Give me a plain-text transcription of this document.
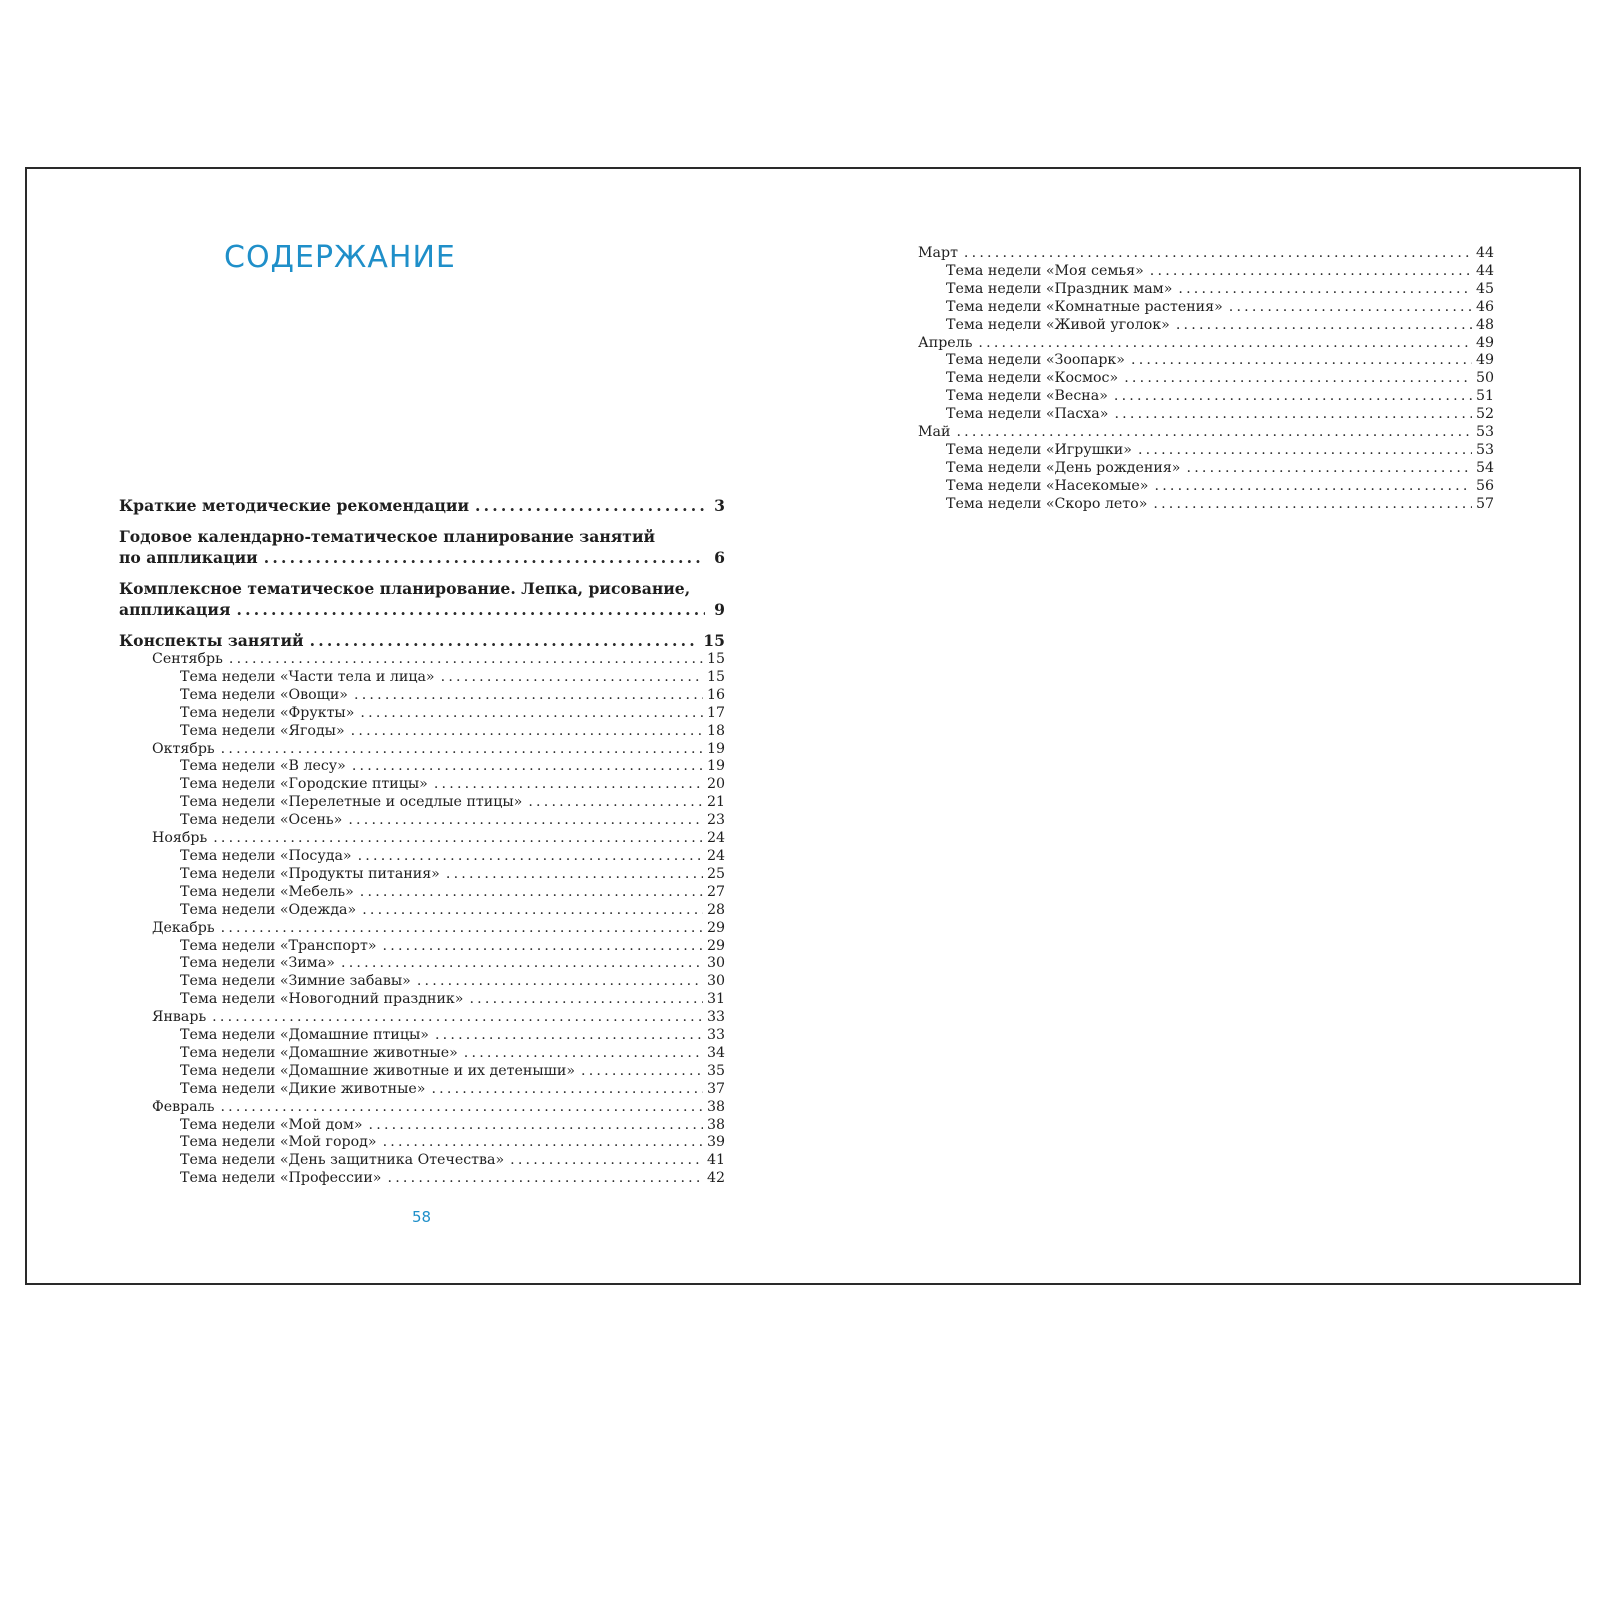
СОДЕРЖАНИЕ
Краткие методические рекомендации .....	3
Годовое календарно-тематическое планирование занятий
по аппликации .....	6
Комплексное тематическое планирование. Лепка, рисование,
аппликация .....	9
Конспекты занятий .....	15
Сентябрь .....	15
Тема недели «Части тела и лица» .....	15
Тема недели «Овощи» .....	16
Тема недели «Фрукты» .....	17
Тема недели «Ягоды» .....	18
Октябрь .....	19
Тема недели «В лесу» .....	19
Тема недели «Городские птицы» .....	20
Тема недели «Перелетные и оседлые птицы» .....	21
Тема недели «Осень» .....	23
Ноябрь .....	24
Тема недели «Посуда» .....	24
Тема недели «Продукты питания» .....	25
Тема недели «Мебель» .....	27
Тема недели «Одежда» .....	28
Декабрь .....	29
Тема недели «Транспорт» .....	29
Тема недели «Зима» .....	30
Тема недели «Зимние забавы» .....	30
Тема недели «Новогодний праздник» .....	31
Январь .....	33
Тема недели «Домашние птицы» .....	33
Тема недели «Домашние животные» .....	34
Тема недели «Домашние животные и их детеныши» .....	35
Тема недели «Дикие животные» .....	37
Февраль .....	38
Тема недели «Мой дом» .....	38
Тема недели «Мой город» .....	39
Тема недели «День защитника Отечества» .....	41
Тема недели «Профессии» .....	42
Март .....	44
Тема недели «Моя семья» .....	44
Тема недели «Праздник мам» .....	45
Тема недели «Комнатные растения» .....	46
Тема недели «Живой уголок» .....	48
Апрель .....	49
Тема недели «Зоопарк» .....	49
Тема недели «Космос» .....	50
Тема недели «Весна» .....	51
Тема недели «Пасха» .....	52
Май .....	53
Тема недели «Игрушки» .....	53
Тема недели «День рождения» .....	54
Тема недели «Насекомые» .....	56
Тема недели «Скоро лето» .....	57
58
